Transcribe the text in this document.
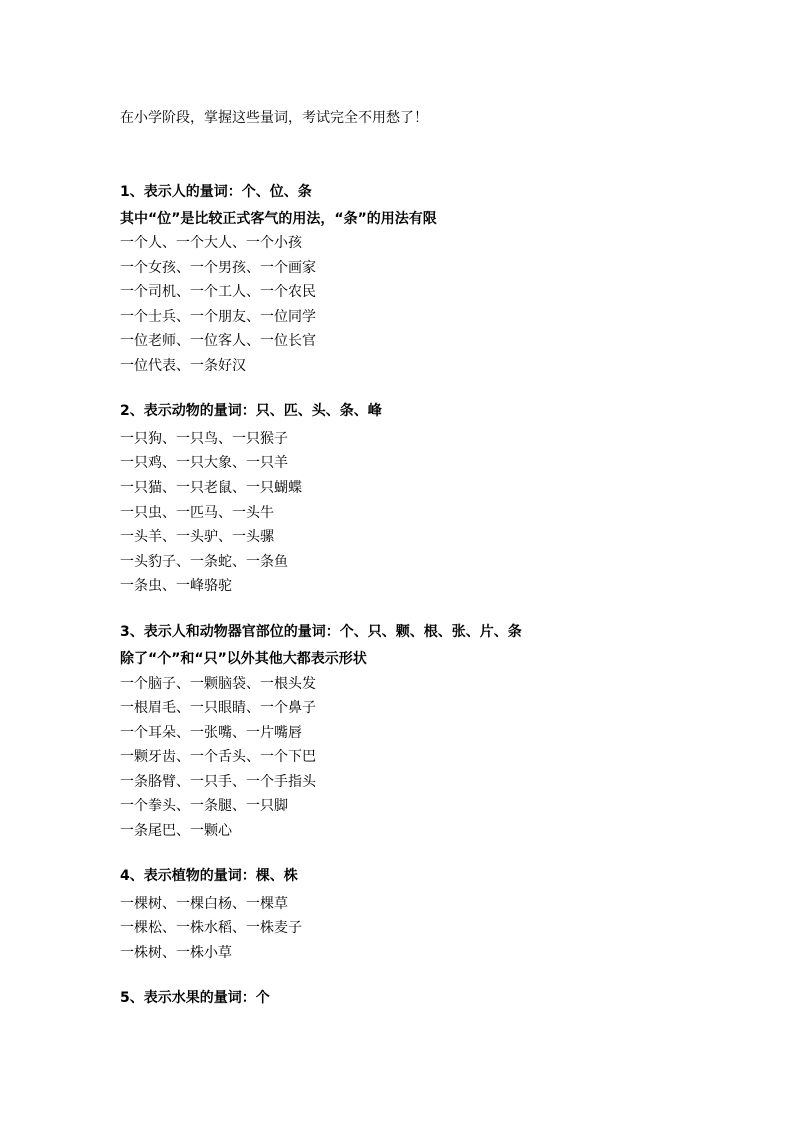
在小学阶段，掌握这些量词，考试完全不用愁了！
1、表示人的量词：个、位、条
其中“位”是比较正式客气的用法，“条”的用法有限
一个人、一个大人、一个小孩
一个女孩、一个男孩、一个画家
一个司机、一个工人、一个农民
一个士兵、一个朋友、一位同学
一位老师、一位客人、一位长官
一位代表、一条好汉
2、表示动物的量词：只、匹、头、条、峰
一只狗、一只鸟、一只猴子
一只鸡、一只大象、一只羊
一只猫、一只老鼠、一只蝴蝶
一只虫、一匹马、一头牛
一头羊、一头驴、一头骡
一头豹子、一条蛇、一条鱼
一条虫、一峰骆驼
3、表示人和动物器官部位的量词：个、只、颗、根、张、片、条
除了“个”和“只”以外其他大都表示形状
一个脑子、一颗脑袋、一根头发
一根眉毛、一只眼睛、一个鼻子
一个耳朵、一张嘴、一片嘴唇
一颗牙齿、一个舌头、一个下巴
一条胳臂、一只手、一个手指头
一个拳头、一条腿、一只脚
一条尾巴、一颗心
4、表示植物的量词：棵、株
一棵树、一棵白杨、一棵草
一棵松、一株水稻、一株麦子
一株树、一株小草
5、表示水果的量词：个
